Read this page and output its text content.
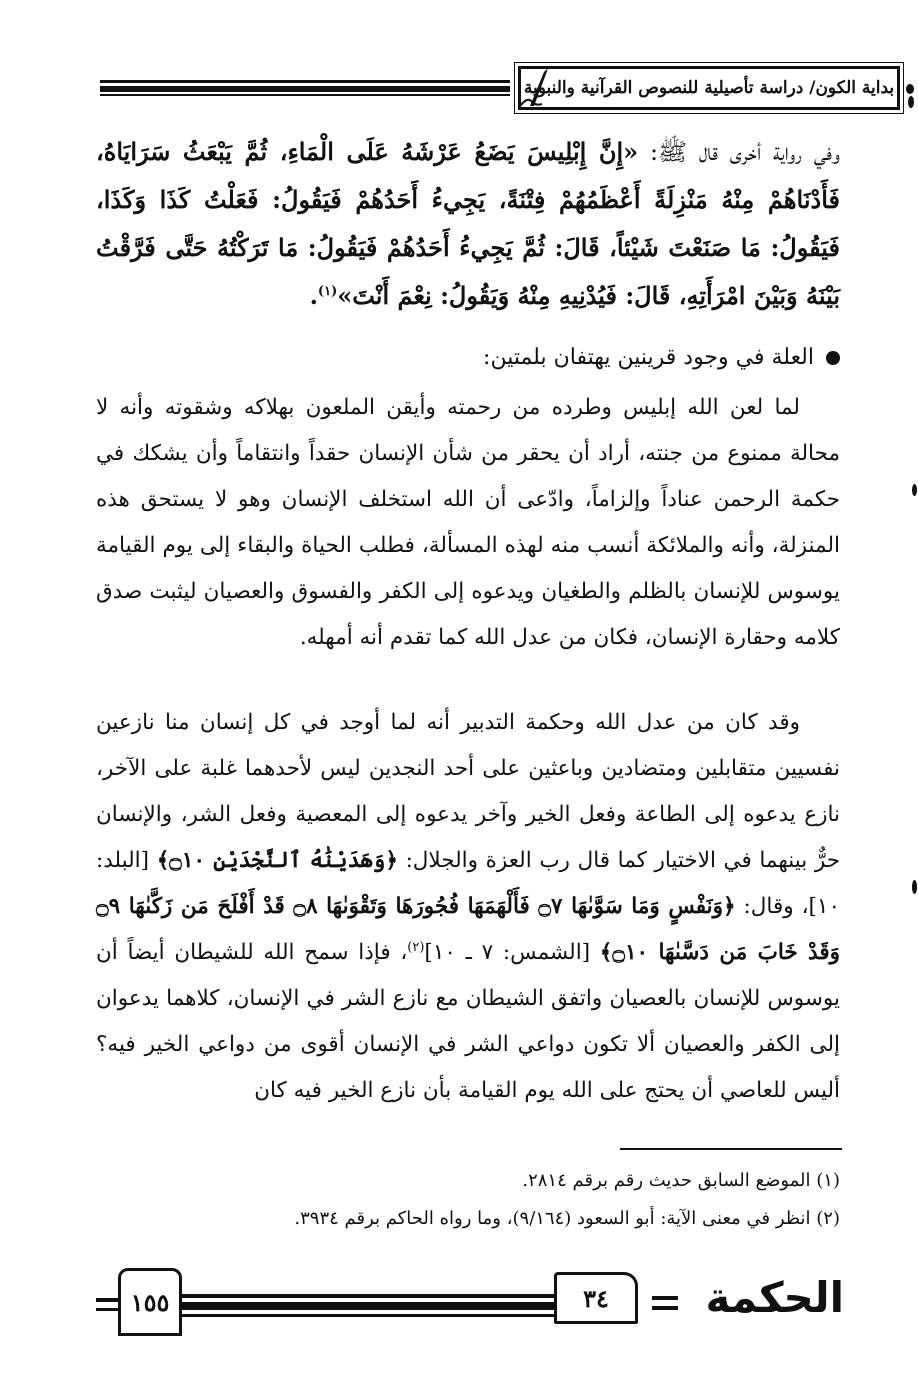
بداية الكون/ دراسة تأصيلية للنصوص القرآنية والنبوية
وفي رواية أخرى قال ﷺ: «إِنَّ إِبْلِيسَ يَضَعُ عَرْشَهُ عَلَى الْمَاءِ، ثُمَّ يَبْعَثُ سَرَايَاهُ، فَأَدْنَاهُمْ مِنْهُ مَنْزِلَةً أَعْظَمُهُمْ فِتْنَةً، يَجِيءُ أَحَدُهُمْ فَيَقُولُ: فَعَلْتُ كَذَا وَكَذَا، فَيَقُولُ: مَا صَنَعْتَ شَيْئاً، قَالَ: ثُمَّ يَجِيءُ أَحَدُهُمْ فَيَقُولُ: مَا تَرَكْتُهُ حَتَّى فَرَّقْتُ بَيْنَهُ وَبَيْنَ امْرَأَتِهِ، قَالَ: فَيُدْنِيهِ مِنْهُ وَيَقُولُ: نِعْمَ أَنْتَ»$^{(١)}$.
العلة في وجود قرينين يهتفان بلمتين:
لما لعن الله إبليس وطرده من رحمته وأيقن الملعون بهلاكه وشقوته وأنه لا محالة ممنوع من جنته، أراد أن يحقر من شأن الإنسان حقداً وانتقاماً وأن يشكك في حكمة الرحمن عناداً وإلزاماً، وادّعى أن الله استخلف الإنسان وهو لا يستحق هذه المنزلة، وأنه والملائكة أنسب منه لهذه المسألة، فطلب الحياة والبقاء إلى يوم القيامة يوسوس للإنسان بالظلم والطغيان ويدعوه إلى الكفر والفسوق والعصيان ليثبت صدق كلامه وحقارة الإنسان، فكان من عدل الله كما تقدم أنه أمهله.
وقد كان من عدل الله وحكمة التدبير أنه لما أوجد في كل إنسان منا نازعين نفسيين متقابلين ومتضادين وباعثين على أحد النجدين ليس لأحدهما غلبة على الآخر، نازع يدعوه إلى الطاعة وفعل الخير وآخر يدعوه إلى المعصية وفعل الشر، والإنسان حرٌّ بينهما في الاختيار كما قال رب العزة والجلال: ﴿وَهَدَيْنَٰهُ ٱلنَّجْدَيْنِ ۝١٠﴾ [البلد: ١٠]، وقال: ﴿وَنَفْسٍ وَمَا سَوَّىٰهَا ۝٧ فَأَلْهَمَهَا فُجُورَهَا وَتَقْوَىٰهَا ۝٨ قَدْ أَفْلَحَ مَن زَكَّىٰهَا ۝٩ وَقَدْ خَابَ مَن دَسَّىٰهَا ۝١٠﴾ [الشمس: ٧ ـ ١٠]$^{(٢)}$، فإذا سمح الله للشيطان أيضاً أن يوسوس للإنسان بالعصيان واتفق الشيطان مع نازع الشر في الإنسان، كلاهما يدعوان إلى الكفر والعصيان ألا تكون دواعي الشر في الإنسان أقوى من دواعي الخير فيه؟ أليس للعاصي أن يحتج على الله يوم القيامة بأن نازع الخير فيه كان
(١) الموضع السابق حديث رقم برقم ٢٨١٤.
(٢) انظر في معنى الآية: أبو السعود (٩/١٦٤)، وما رواه الحاكم برقم ٣٩٣٤.
١٥٥	٣٤	الحكمة
